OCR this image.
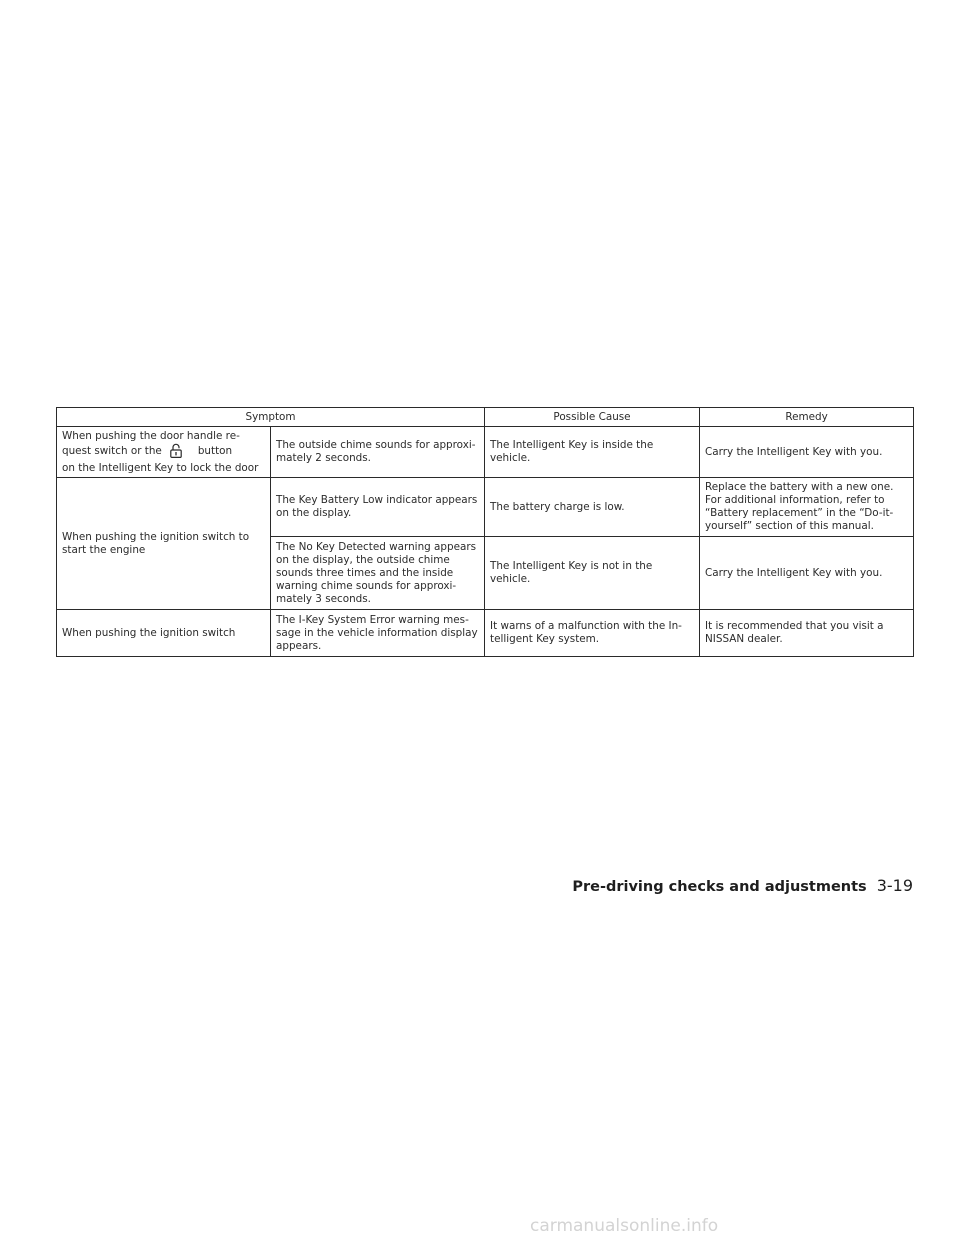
Symptom		Possible Cause	Remedy

When pushing the door handle re-
quest switch or the button
on the Intelligent Key to lock the door	The outside chime sounds for approxi- mately 2 seconds.	The Intelligent Key is inside the vehicle.	Carry the Intelligent Key with you.
When pushing the ignition switch to start the engine	The Key Battery Low indicator appears on the display.	The battery charge is low.	Replace the battery with a new one. For additional information, refer to “Battery replacement” in the “Do-it-yourself” section of this manual.
	The No Key Detected warning appears on the display, the outside chime sounds three times and the inside warning chime sounds for approxi- mately 3 seconds.	The Intelligent Key is not in the vehicle.	Carry the Intelligent Key with you.
When pushing the ignition switch	The I-Key System Error warning mes- sage in the vehicle information display appears.	It warns of a malfunction with the In- telligent Key system.	It is recommended that you visit a NISSAN dealer.
Pre-driving checks and adjustments 3-19
carmanualsonline.info
